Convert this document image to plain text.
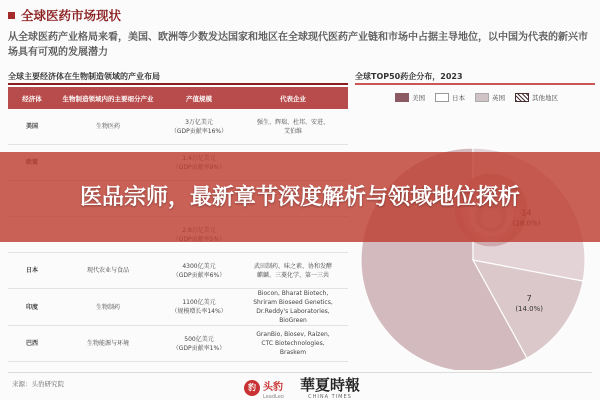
全球医药市场现状
从全球医药产业格局来看，美国、欧洲等少数发达国家和地区在全球现代医药产业链和市场中占据主导地位，以中国为代表的新兴市场具有可观的发展潜力
全球主要经济体在生物制造领域的产业布局
经济体	生物制造领域内的主要细分产业	产值规模	代表企业
美国	生物医药	3万亿美元
（GDP贡献率16%）	强生、辉瑞、杜邦、安进、
艾伯维

日本	现代农业与食品	4300亿美元
（GDP贡献率6%）	武田制药、味之素、协和发酵
麒麟、三菱化学、第一三共

印度	生物制药	1100亿美元
（规模增长率14%）	Biocon, Bharat Biotech,
Shriram Bioseed Genetics,
Dr.Reddy's Laboratories,
BioGreen

巴西	生物能源与环境	500亿美元
（GDP贡献率1%）	GranBio, Biosev, Raízen,
CTC Biotechnologies,
Braskem
全球TOP50药企分布，2023
美国	日本	英国	其他地区
7
(14.0%)
来源：头豹研究院	豹 头豹
LeadLeo
華夏時報
CHINA TIMES
医品宗师，最新章节深度解析与领域地位探析
